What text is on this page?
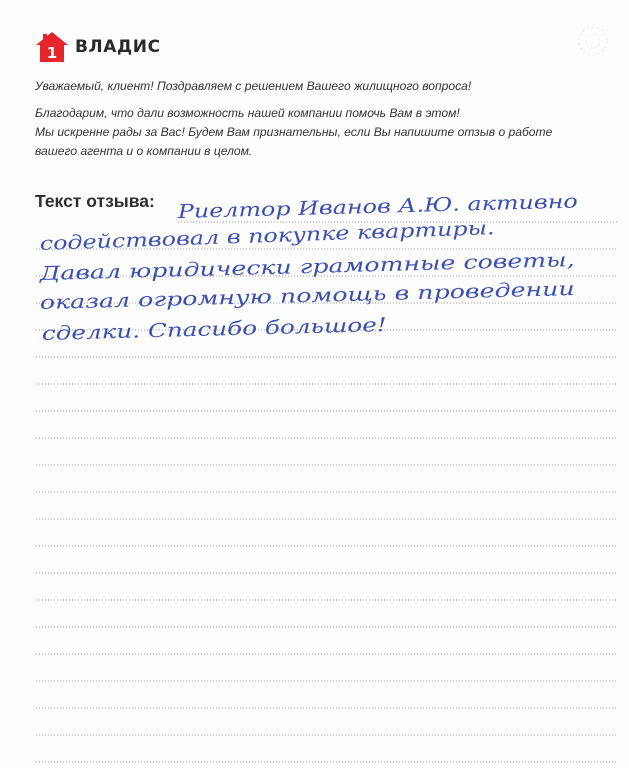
1 ВЛАДИС

Уважаемый, клиент! Поздравляем с решением Вашего жилищного вопроса!

Благодарим, что дали возможность нашей компании помочь Вам в этом!

Мы искренне рады за Вас! Будем Вам признательны, если Вы напишите отзыв о работе

вашего агента и о компании в целом.

Текст отзыва: Риелтор Иванов А.Ю. активно
содействовал в покупке квартиры.
Давал юридически грамотные советы,
оказал огромную помощь в проведении
сделки. Спасибо большое!
